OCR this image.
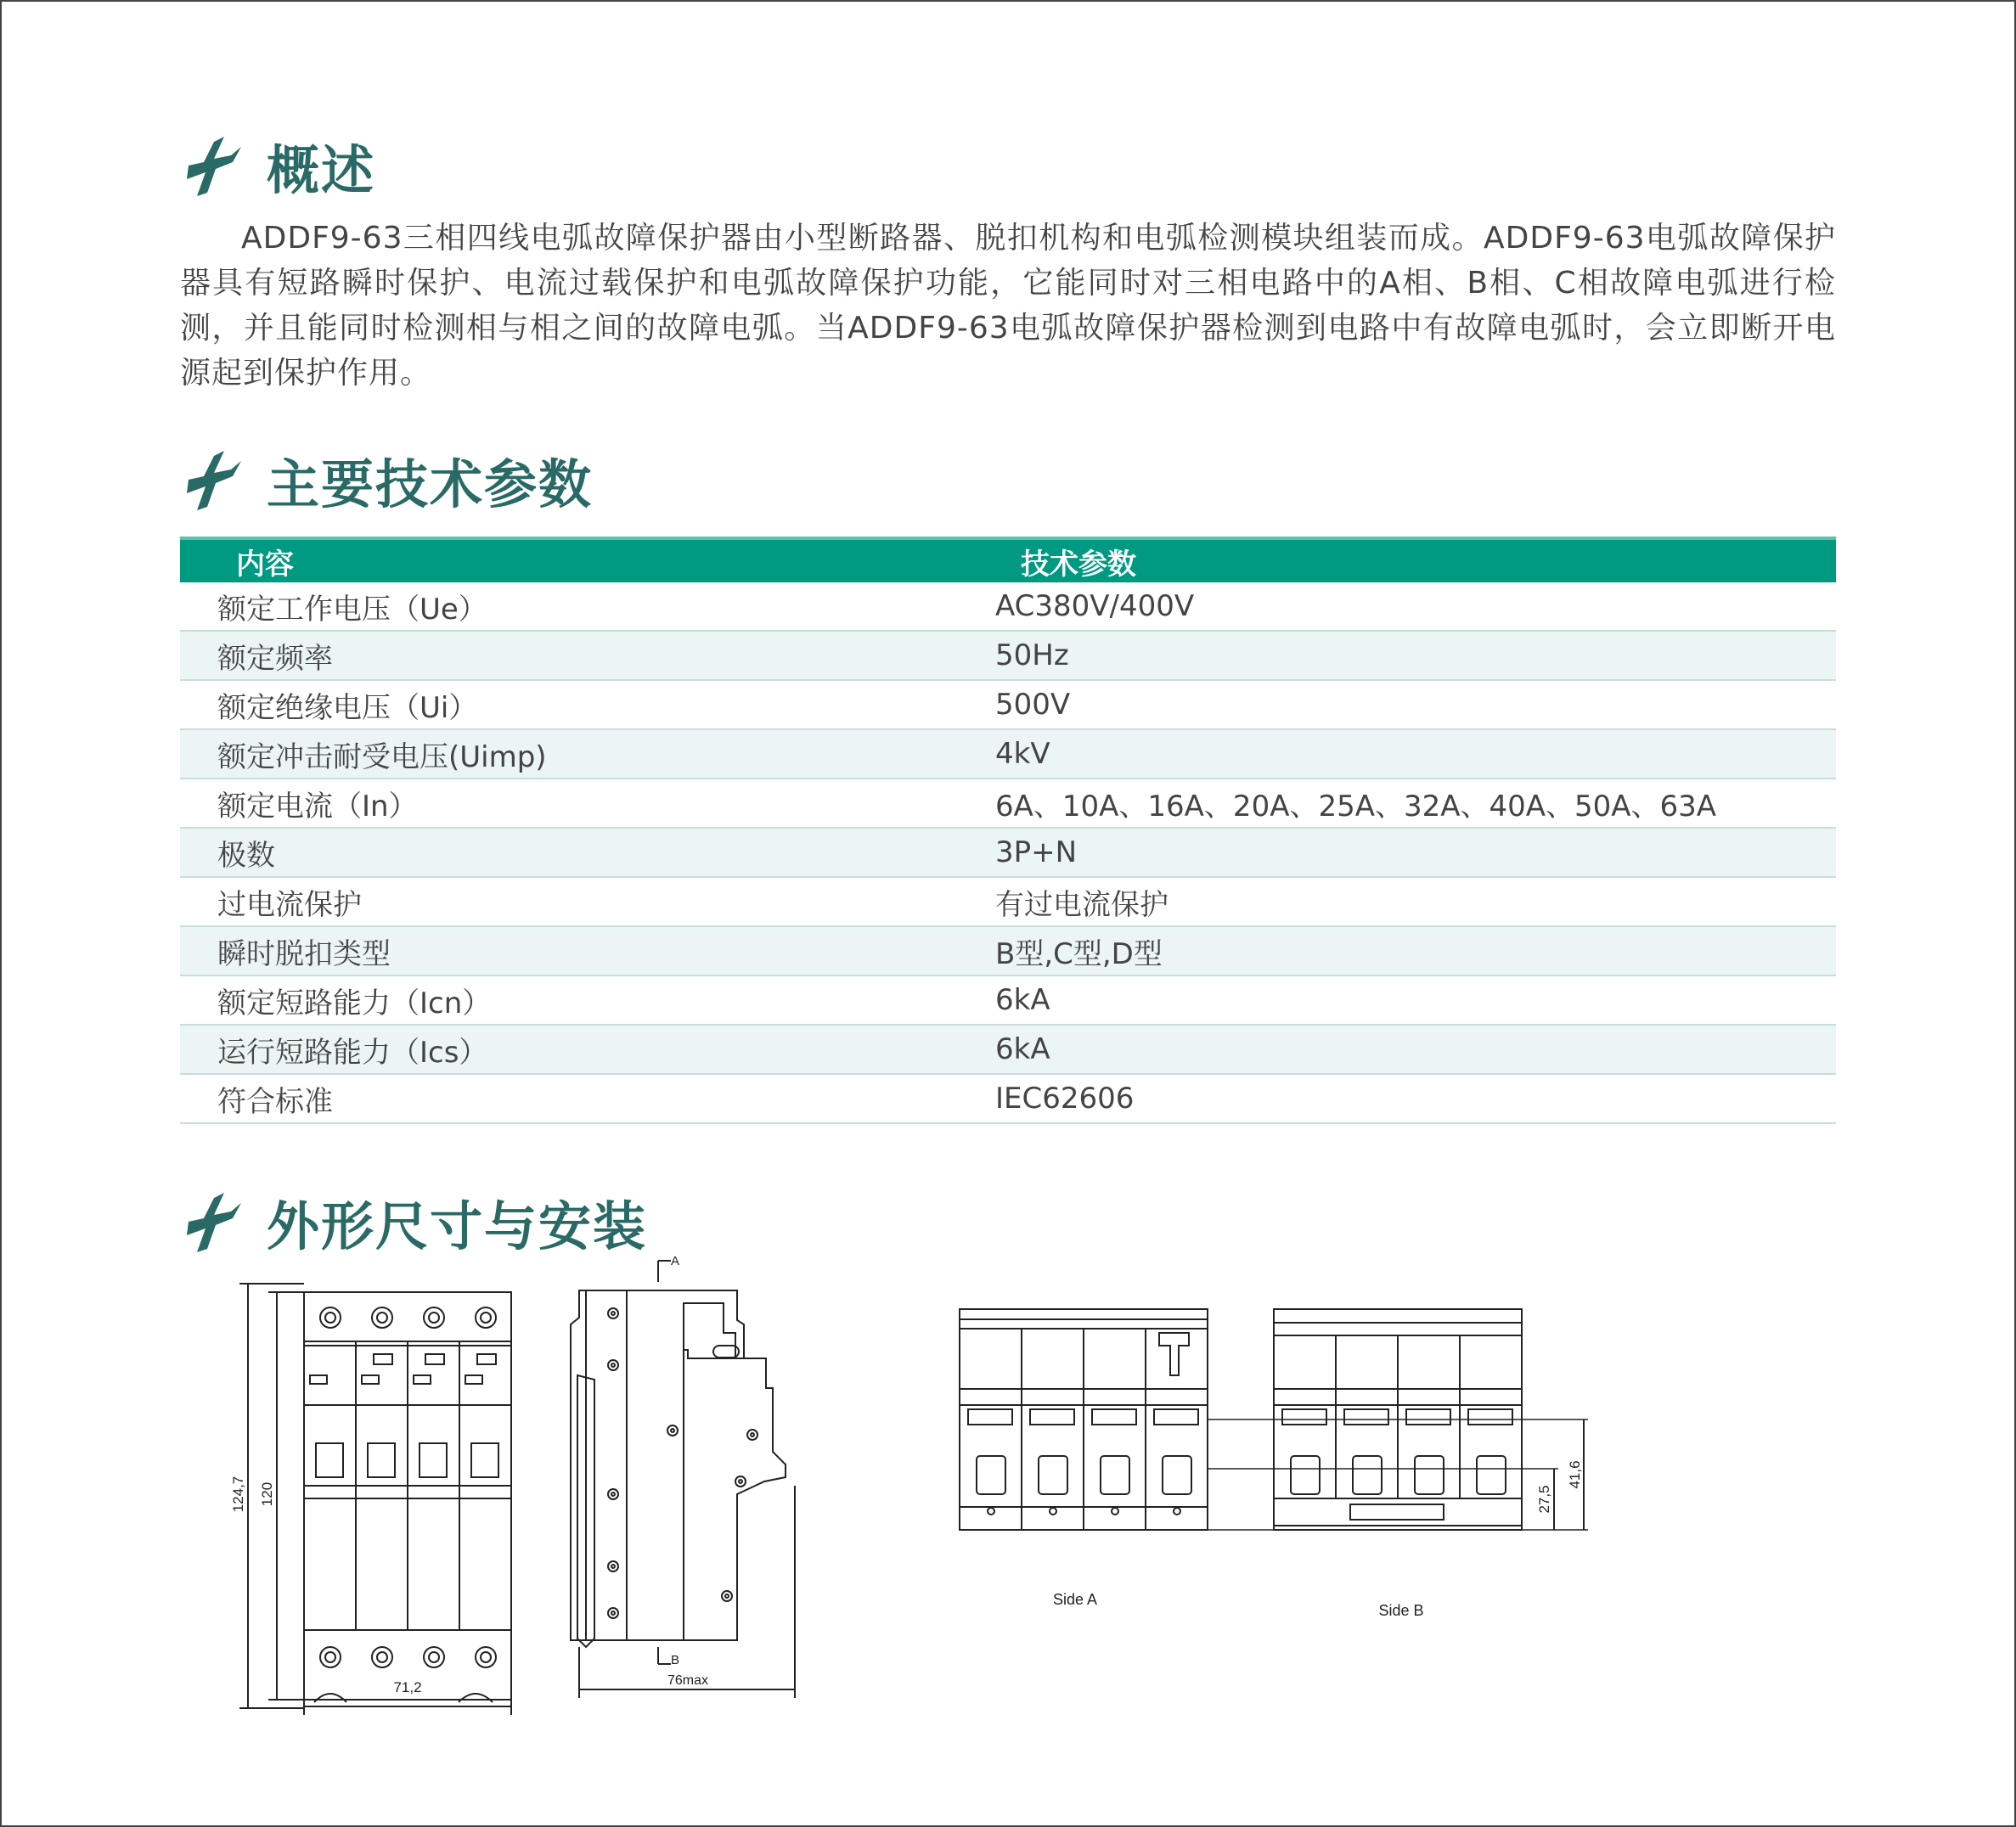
概述
ADDF9-63三相四线电弧故障保护器由小型断路器、脱扣机构和电弧检测模块组装而成。ADDF9-63电弧故障保护器具有短路瞬时保护、电流过载保护和电弧故障保护功能，它能同时对三相电路中的A相、B相、C相故障电弧进行检测，并且能同时检测相与相之间的故障电弧。当ADDF9-63电弧故障保护器检测到电路中有故障电弧时，会立即断开电源起到保护作用。
主要技术参数
内容	技术参数
额定工作电压（Ue）	AC380V/400V
额定频率	50Hz
额定绝缘电压（Ui）	500V
额定冲击耐受电压(Uimp)	4kV
额定电流（In）	6A、10A、16A、20A、25A、32A、40A、50A、63A
极数	3P+N
过电流保护	有过电流保护
瞬时脱扣类型	B型,C型,D型
额定短路能力（Icn）	6kA
运行短路能力（Ics）	6kA
符合标准	IEC62606
外形尺寸与安装
124,7 120
71,2
A
B
76max
41,6
27,5
Side A
Side B
